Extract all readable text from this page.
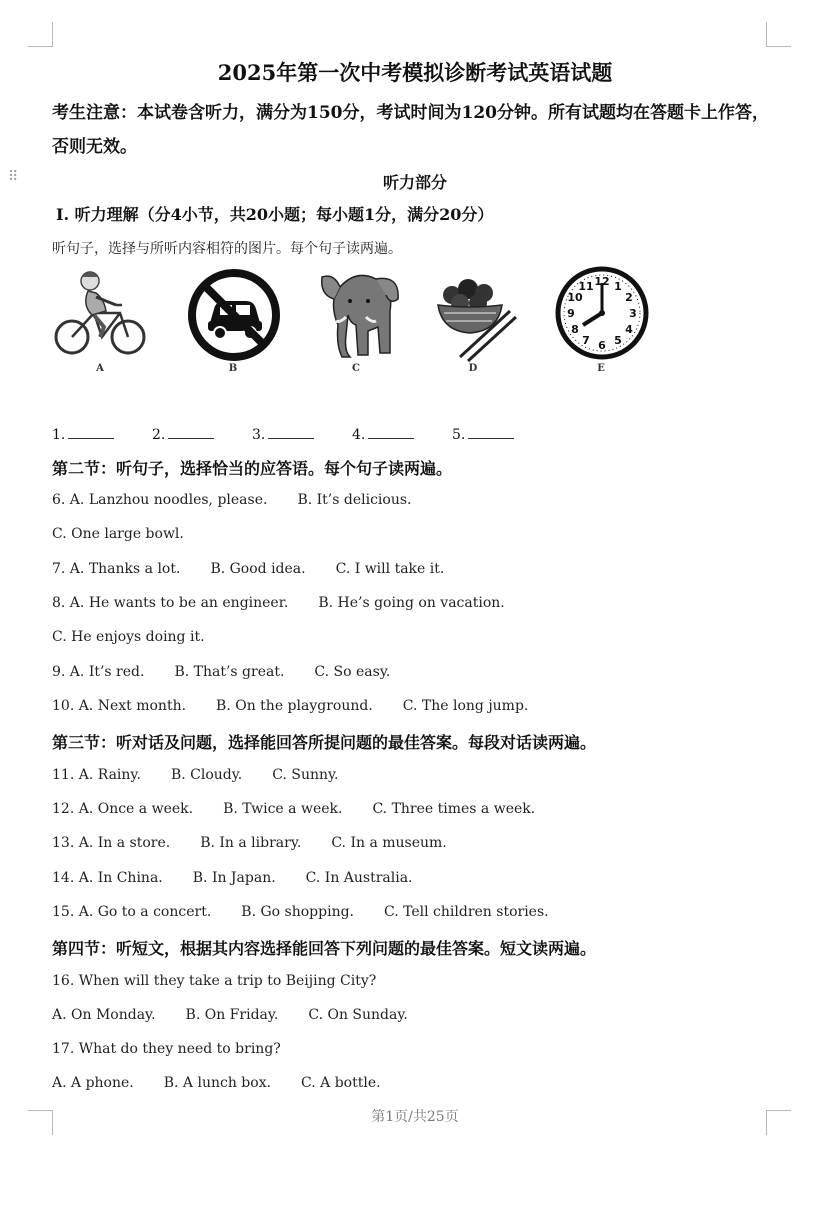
⠿
2025年第一次中考模拟诊断考试英语试题
考生注意：本试卷含听力，满分为150分，考试时间为120分钟。所有试题均在答题卡上作答，否则无效。
听力部分
Ⅰ. 听力理解（分4小节，共20小题；每小题1分，满分20分）
听句子，选择与所听内容相符的图片。每个句子读两遍。
A	B	C	D
12 1
2
3
4
5
6
7
8
9
10
11
E
1.	2.	3.	4.	5.
第二节：听句子，选择恰当的应答语。每个句子读两遍。
6. A. Lanzhou noodles, please. B. It’s delicious.
C. One large bowl.
7. A. Thanks a lot. B. Good idea. C. I will take it.
8. A. He wants to be an engineer. B. He’s going on vacation.
C. He enjoys doing it.
9. A. It’s red. B. That’s great. C. So easy.
10. A. Next month. B. On the playground. C. The long jump.
第三节：听对话及问题，选择能回答所提问题的最佳答案。每段对话读两遍。
11. A. Rainy. B. Cloudy. C. Sunny.
12. A. Once a week. B. Twice a week. C. Three times a week.
13. A. In a store. B. In a library. C. In a museum.
14. A. In China. B. In Japan. C. In Australia.
15. A. Go to a concert. B. Go shopping. C. Tell children stories.
第四节：听短文，根据其内容选择能回答下列问题的最佳答案。短文读两遍。
16. When will they take a trip to Beijing City?
A. On Monday. B. On Friday. C. On Sunday.
17. What do they need to bring?
A. A phone. B. A lunch box. C. A bottle.
第1页/共25页
